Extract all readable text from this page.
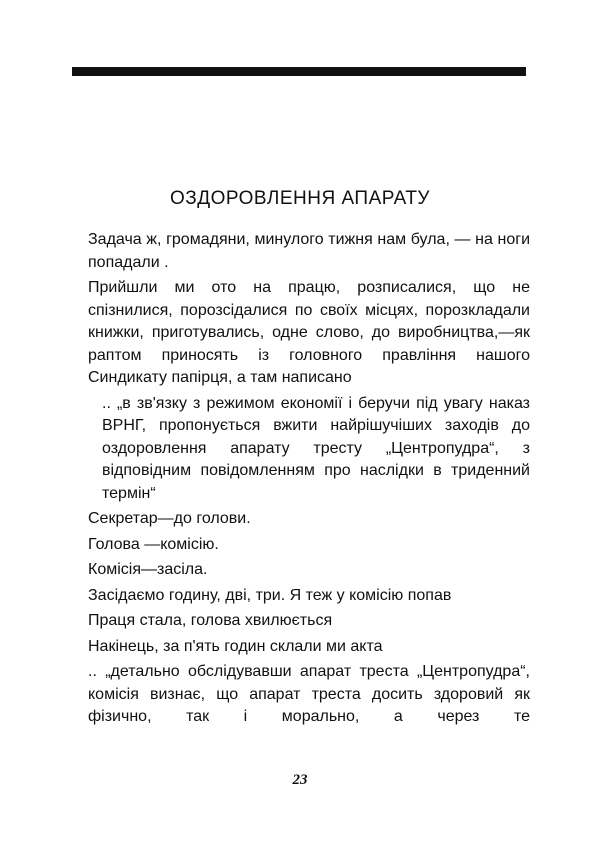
ОЗДОРОВЛЕННЯ АПАРАТУ

Задача ж, громадяни, минулого тижня нам була, — на ноги попадали .

Прийшли ми ото на працю, розписалися, що не спізнилися, порозсідалися по своїх місцях, порозкладали книжки, приготувались, одне слово, до виробництва,—як раптом приносять із головного правління нашого Синдикату папірця, а там написано

.. „в зв'язку з режимом економії і беручи під увагу наказ ВРНГ, пропонується вжити найрішучіших заходів до оздоровлення апарату тресту „Центропудра“, з відповідним повідомленням про наслідки в триденний термін“

Секретар—до голови.

Голова —комісію.

Комісія—засіла.

Засідаємо годину, дві, три. Я теж у комісію попав

Праця стала, голова хвилюється

Накінець, за п'ять годин склали ми акта

.. „детально обслідувавши апарат треста „Центропудра“, комісія визнає, що апарат треста досить здоровий як фізично, так і морально, а через те

23
